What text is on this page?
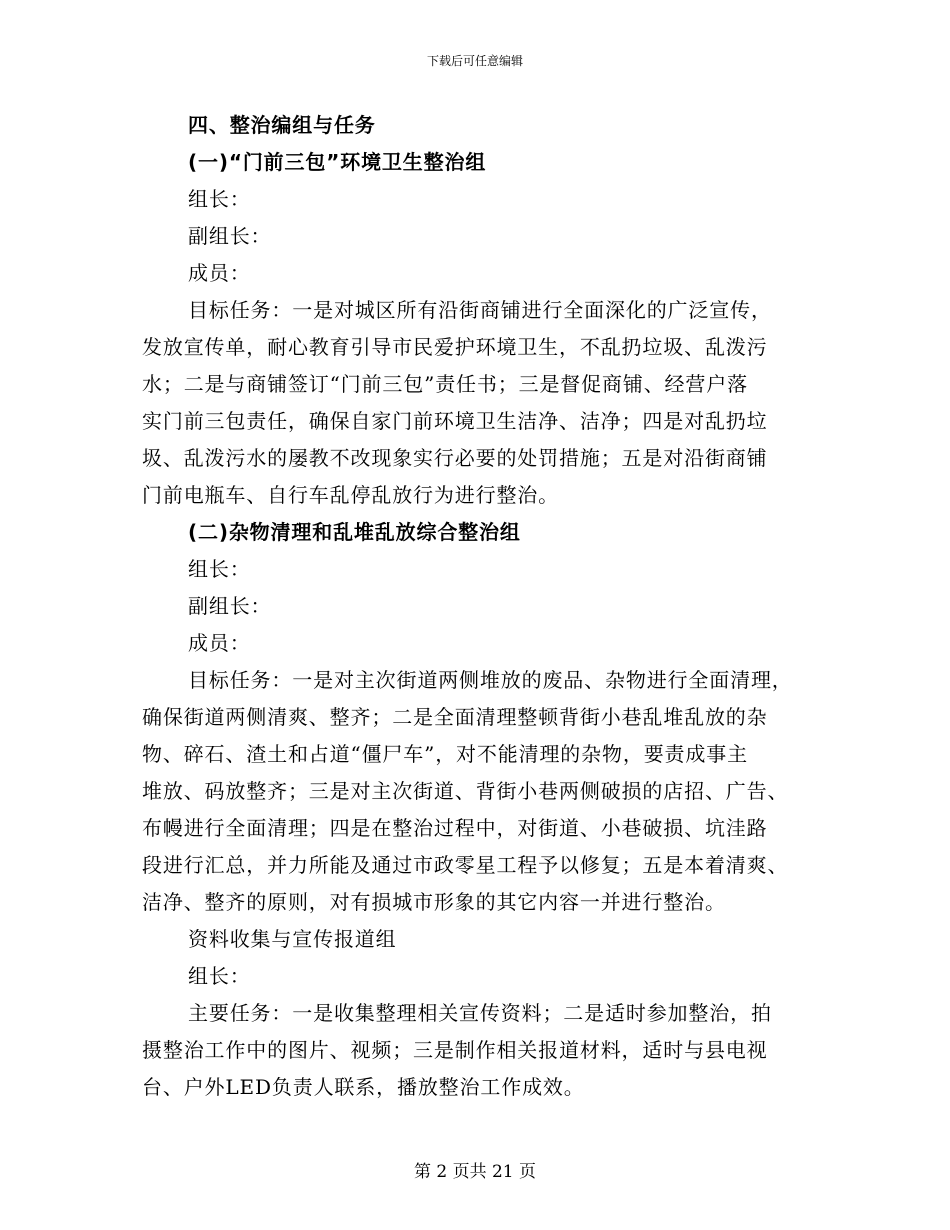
下载后可任意编辑
四、整治编组与任务
(一)“门前三包”环境卫生整治组
组长：
副组长：
成员：
目标任务：一是对城区所有沿街商铺进行全面深化的广泛宣传，
发放宣传单，耐心教育引导市民爱护环境卫生，不乱扔垃圾、乱泼污
水；二是与商铺签订“门前三包”责任书；三是督促商铺、经营户落
实门前三包责任，确保自家门前环境卫生洁净、洁净；四是对乱扔垃
圾、乱泼污水的屡教不改现象实行必要的处罚措施；五是对沿街商铺
门前电瓶车、自行车乱停乱放行为进行整治。
(二)杂物清理和乱堆乱放综合整治组
组长：
副组长：
成员：
目标任务：一是对主次街道两侧堆放的废品、杂物进行全面清理，
确保街道两侧清爽、整齐；二是全面清理整顿背街小巷乱堆乱放的杂
物、碎石、渣土和占道“僵尸车”，对不能清理的杂物，要责成事主
堆放、码放整齐；三是对主次街道、背街小巷两侧破损的店招、广告、
布幔进行全面清理；四是在整治过程中，对街道、小巷破损、坑洼路
段进行汇总，并力所能及通过市政零星工程予以修复；五是本着清爽、
洁净、整齐的原则，对有损城市形象的其它内容一并进行整治。
资料收集与宣传报道组
组长：
主要任务：一是收集整理相关宣传资料；二是适时参加整治，拍
摄整治工作中的图片、视频；三是制作相关报道材料，适时与县电视
台、户外LED负责人联系，播放整治工作成效。
第 2 页共 21 页
